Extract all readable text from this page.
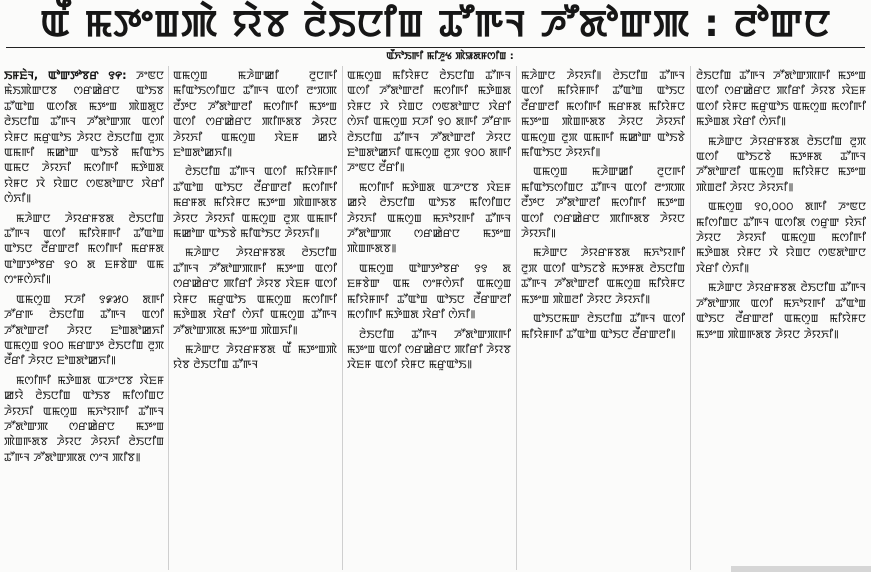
ꯑꯩ ꯃꯇꯦꯡꯄꯥ ꯌꯥꯕ ꯂꯥꯏꯅꯤꯡ ꯊꯧꯒꯜ ꯍꯧꯗꯣꯛꯄ : ꯂꯣꯛꯅ
ꯑꯩꯈꯣꯏꯒꯤ ꯃꯤꯍꯨꯠ ꯄꯥꯎꯗꯝꯁꯤꯡ :

ꯏꯝꯐꯥꯜ, ꯑꯣꯛꯇꯣꯕꯔ ꯱꯵: ꯍꯦꯟꯅ ꯃꯥꯏꯄꯥꯛꯅꯕ ꯁꯔꯀꯥꯔꯅ ꯑꯣꯏꯕ ꯊꯧꯑꯣꯡ ꯑꯁꯤꯗ ꯃꯇꯦꯡ ꯄꯥꯡꯗꯨꯅ ꯂꯥꯏꯅꯤꯡ ꯊꯧꯒꯜ ꯍꯧꯗꯣꯛꯄ ꯑꯁꯤ ꯌꯥꯝꯅ ꯃꯔꯨꯑꯣꯏ ꯍꯥꯌꯅ ꯂꯥꯏꯅꯤꯡ ꯂꯨꯞ ꯑꯃꯒꯤ ꯃꯀꯣꯛ ꯑꯣꯏꯕꯥ ꯃꯤꯑꯣꯏ ꯑꯃꯅ ꯍꯥꯌꯈꯤ ꯃꯁꯤꯒꯤ ꯃꯇꯥꯡꯗ ꯌꯥꯝꯅ ꯋꯥ ꯌꯥꯡꯅ ꯁꯟꯗꯣꯛꯅ ꯋꯥꯔꯤ ꯁꯥꯈꯤ꯫

ꯃꯍꯥꯛꯅ ꯍꯥꯌꯔꯝꯕꯗ ꯂꯥꯏꯅꯤꯡ ꯊꯧꯒꯜ ꯑꯁꯤ ꯃꯤꯌꯥꯝꯒꯤ ꯊꯧꯑꯣꯡ ꯑꯣꯏꯅ ꯂꯩꯔꯛꯂꯤ ꯃꯁꯤꯒꯤ ꯃꯔꯝꯗ ꯑꯣꯛꯇꯣꯕꯔ ꯱꯰ ꯗ ꯐꯝꯕꯥꯛ ꯑꯃ ꯁꯦꯝꯁꯥꯈꯤ꯫

ꯑꯃꯁꯨꯡ ꯆꯍꯤ ꯱꯹꯷꯰ ꯗꯒꯤ ꯍꯧꯔꯒ ꯂꯥꯏꯅꯤꯡ ꯊꯧꯒꯜ ꯑꯁꯤ ꯍꯧꯗꯣꯛꯂꯤ ꯍꯥꯌꯅ ꯐꯣꯡꯗꯣꯀꯈꯤ ꯑꯃꯁꯨꯡ ꯱꯰꯰ ꯃꯔꯛꯇ ꯂꯥꯏꯅꯤꯡ ꯂꯨꯞ ꯂꯩꯔꯤ ꯍꯥꯌꯅ ꯐꯣꯡꯗꯣꯀꯈꯤ꯫

ꯃꯁꯤꯒꯤ ꯃꯇꯥꯡꯗ ꯑꯍꯦꯅꯕ ꯋꯥꯐꯝ ꯀꯌꯥ ꯂꯥꯏꯅꯤꯡ ꯑꯣꯏꯕ ꯃꯤꯁꯤꯡꯅ ꯍꯥꯌꯈꯤ ꯑꯃꯁꯨꯡ ꯃꯈꯣꯌꯒꯤ ꯊꯧꯒꯜ ꯍꯧꯗꯣꯛꯄ ꯁꯔꯀꯥꯔꯅ ꯃꯇꯦꯡ ꯄꯥꯡꯒꯗꯕ ꯍꯥꯌꯅ ꯍꯥꯌꯈꯤ ꯂꯥꯏꯅꯤꯡ ꯊꯧꯒꯜ ꯍꯧꯗꯣꯛꯄꯗ ꯁꯦꯜ ꯄꯤꯕ꯫

ꯑꯃꯁꯨꯡ ꯃꯍꯥꯛꯀꯤ ꯂꯨꯅꯒꯤ ꯃꯤꯑꯣꯏꯁꯤꯡꯅ ꯊꯧꯒꯜ ꯑꯁꯤ ꯂꯦꯞꯄ ꯂꯩꯇꯅ ꯍꯧꯗꯣꯛꯂꯤ ꯃꯁꯤꯒꯤ ꯃꯇꯦꯡ ꯑꯁꯤ ꯁꯔꯀꯥꯔꯅ ꯄꯤꯒꯗꯕ ꯍꯥꯌꯅ ꯍꯥꯌꯈꯤ ꯑꯃꯁꯨꯡ ꯋꯥꯐꯝ ꯀꯌꯥ ꯐꯣꯡꯗꯣꯀꯈꯤ꯫

ꯂꯥꯏꯅꯤꯡ ꯊꯧꯒꯜ ꯑꯁꯤ ꯃꯤꯌꯥꯝꯒꯤ ꯊꯧꯑꯣꯡ ꯑꯣꯏꯅ ꯂꯩꯔꯛꯂꯤ ꯃꯁꯤꯒꯤ ꯃꯔꯝꯗ ꯃꯤꯌꯥꯝꯅ ꯃꯇꯦꯡ ꯄꯥꯡꯒꯗꯕ ꯍꯥꯌꯅ ꯍꯥꯌꯈꯤ ꯑꯃꯁꯨꯡ ꯂꯨꯞ ꯑꯃꯒꯤ ꯃꯀꯣꯛ ꯑꯣꯏꯕꯥ ꯃꯤꯑꯣꯏꯅ ꯍꯥꯌꯈꯤ꯫

ꯃꯍꯥꯛꯅ ꯍꯥꯌꯔꯝꯕꯗ ꯂꯥꯏꯅꯤꯡ ꯊꯧꯒꯜ ꯍꯧꯗꯣꯛꯄꯒꯤ ꯃꯇꯦꯡ ꯑꯁꯤ ꯁꯔꯀꯥꯔꯅ ꯄꯤꯔꯤ ꯍꯥꯌꯕ ꯋꯥꯐꯝ ꯑꯁꯤ ꯌꯥꯝꯅ ꯃꯔꯨꯑꯣꯏ ꯑꯃꯁꯨꯡ ꯃꯁꯤꯒꯤ ꯃꯇꯥꯡꯗ ꯋꯥꯔꯤ ꯁꯥꯈꯤ ꯑꯃꯁꯨꯡ ꯊꯧꯒꯜ ꯍꯧꯗꯣꯛꯄꯗ ꯃꯇꯦꯡ ꯄꯥꯡꯈꯤ꯫

ꯃꯍꯥꯛꯅ ꯍꯥꯌꯔꯝꯕꯗ ꯑꯩ ꯃꯇꯦꯡꯄꯥ ꯌꯥꯕ ꯂꯥꯏꯅꯤꯡ ꯊꯧꯒꯜ

ꯑꯃꯁꯨꯡ ꯃꯤꯌꯥꯝꯅ ꯂꯥꯏꯅꯤꯡ ꯊꯧꯒꯜ ꯑꯁꯤ ꯍꯧꯗꯣꯛꯂꯤ ꯃꯁꯤꯒꯤ ꯃꯇꯥꯡꯗ ꯌꯥꯝꯅ ꯋꯥ ꯌꯥꯡꯅ ꯁꯟꯗꯣꯛꯅ ꯋꯥꯔꯤ ꯁꯥꯈꯤ ꯑꯃꯁꯨꯡ ꯆꯍꯤ ꯱꯰ ꯗꯒꯤ ꯍꯧꯔꯒ ꯂꯥꯏꯅꯤꯡ ꯊꯧꯒꯜ ꯍꯧꯗꯣꯛꯂꯤ ꯍꯥꯌꯅ ꯐꯣꯡꯗꯣꯀꯈꯤ ꯑꯃꯁꯨꯡ ꯂꯨꯞ ꯱꯰꯰ ꯗꯒꯤ ꯍꯦꯟꯅ ꯂꯩꯔꯤ꯫

ꯃꯁꯤꯒꯤ ꯃꯇꯥꯡꯗ ꯑꯍꯦꯅꯕ ꯋꯥꯐꯝ ꯀꯌꯥ ꯂꯥꯏꯅꯤꯡ ꯑꯣꯏꯕ ꯃꯤꯁꯤꯡꯅ ꯍꯥꯌꯈꯤ ꯑꯃꯁꯨꯡ ꯃꯈꯣꯌꯒꯤ ꯊꯧꯒꯜ ꯍꯧꯗꯣꯛꯄ ꯁꯔꯀꯥꯔꯅ ꯃꯇꯦꯡ ꯄꯥꯡꯒꯗꯕ꯫

ꯑꯃꯁꯨꯡ ꯑꯣꯛꯇꯣꯕꯔ ꯱꯱ ꯗ ꯐꯝꯕꯥꯛ ꯑꯃ ꯁꯦꯝꯁꯥꯈꯤ ꯑꯃꯁꯨꯡ ꯃꯤꯌꯥꯝꯒꯤ ꯊꯧꯑꯣꯡ ꯑꯣꯏꯅ ꯂꯩꯔꯛꯂꯤ ꯃꯁꯤꯒꯤ ꯃꯇꯥꯡꯗ ꯋꯥꯔꯤ ꯁꯥꯈꯤ꯫

ꯂꯥꯏꯅꯤꯡ ꯊꯧꯒꯜ ꯍꯧꯗꯣꯛꯄꯒꯤ ꯃꯇꯦꯡ ꯑꯁꯤ ꯁꯔꯀꯥꯔꯅ ꯄꯤꯔꯤ ꯍꯥꯌꯕ ꯋꯥꯐꯝ ꯑꯁꯤ ꯌꯥꯝꯅ ꯃꯔꯨꯑꯣꯏ꯫

ꯃꯍꯥꯛꯅ ꯍꯥꯌꯈꯤ꯫ ꯂꯥꯏꯅꯤꯡ ꯊꯧꯒꯜ ꯑꯁꯤ ꯃꯤꯌꯥꯝꯒꯤ ꯊꯧꯑꯣꯡ ꯑꯣꯏꯅ ꯂꯩꯔꯛꯂꯤ ꯃꯁꯤꯒꯤ ꯃꯔꯝꯗ ꯃꯤꯌꯥꯝꯅ ꯃꯇꯦꯡ ꯄꯥꯡꯒꯗꯕ ꯍꯥꯌꯅ ꯍꯥꯌꯈꯤ ꯑꯃꯁꯨꯡ ꯂꯨꯞ ꯑꯃꯒꯤ ꯃꯀꯣꯛ ꯑꯣꯏꯕꯥ ꯃꯤꯑꯣꯏꯅ ꯍꯥꯌꯈꯤ꯫

ꯑꯃꯁꯨꯡ ꯃꯍꯥꯛꯀꯤ ꯂꯨꯅꯒꯤ ꯃꯤꯑꯣꯏꯁꯤꯡꯅ ꯊꯧꯒꯜ ꯑꯁꯤ ꯂꯦꯞꯄ ꯂꯩꯇꯅ ꯍꯧꯗꯣꯛꯂꯤ ꯃꯁꯤꯒꯤ ꯃꯇꯦꯡ ꯑꯁꯤ ꯁꯔꯀꯥꯔꯅ ꯄꯤꯒꯗꯕ ꯍꯥꯌꯅ ꯍꯥꯌꯈꯤ꯫

ꯃꯍꯥꯛꯅ ꯍꯥꯌꯔꯝꯕꯗ ꯃꯈꯣꯌꯒꯤ ꯂꯨꯞ ꯑꯁꯤ ꯑꯣꯏꯖꯕꯥ ꯃꯇꯝꯗ ꯂꯥꯏꯅꯤꯡ ꯊꯧꯒꯜ ꯍꯧꯗꯣꯛꯂꯤ ꯑꯃꯁꯨꯡ ꯃꯤꯌꯥꯝꯅ ꯃꯇꯦꯡ ꯄꯥꯡꯂꯤ ꯍꯥꯌꯅ ꯍꯥꯌꯈꯤ꯫

ꯑꯣꯏꯅꯃꯛ ꯂꯥꯏꯅꯤꯡ ꯊꯧꯒꯜ ꯑꯁꯤ ꯃꯤꯌꯥꯝꯒꯤ ꯊꯧꯑꯣꯡ ꯑꯣꯏꯅ ꯂꯩꯔꯛꯂꯤ꯫

ꯂꯥꯏꯅꯤꯡ ꯊꯧꯒꯜ ꯍꯧꯗꯣꯛꯄꯒꯤ ꯃꯇꯦꯡ ꯑꯁꯤ ꯁꯔꯀꯥꯔꯅ ꯄꯤꯔꯤ ꯍꯥꯌꯕ ꯋꯥꯐꯝ ꯑꯁꯤ ꯌꯥꯝꯅ ꯃꯔꯨꯑꯣꯏ ꯑꯃꯁꯨꯡ ꯃꯁꯤꯒꯤ ꯃꯇꯥꯡꯗ ꯋꯥꯔꯤ ꯁꯥꯈꯤ꯫

ꯃꯍꯥꯛꯅ ꯍꯥꯌꯔꯝꯕꯗ ꯂꯥꯏꯅꯤꯡ ꯂꯨꯞ ꯑꯁꯤ ꯑꯣꯏꯖꯕꯥ ꯃꯇꯝꯗ ꯊꯧꯒꯜ ꯍꯧꯗꯣꯛꯂꯤ ꯑꯃꯁꯨꯡ ꯃꯤꯌꯥꯝꯅ ꯃꯇꯦꯡ ꯄꯥꯡꯂꯤ ꯍꯥꯌꯅ ꯍꯥꯌꯈꯤ꯫

ꯑꯃꯁꯨꯡ ꯱꯰,꯰꯰꯰ ꯗꯒꯤ ꯍꯦꯟꯅ ꯃꯤꯁꯤꯡꯅ ꯊꯧꯒꯜ ꯑꯁꯤꯗ ꯁꯔꯨꯛ ꯌꯥꯈꯤ ꯍꯥꯌꯅ ꯍꯥꯌꯈꯤ ꯑꯃꯁꯨꯡ ꯃꯁꯤꯒꯤ ꯃꯇꯥꯡꯗ ꯌꯥꯝꯅ ꯋꯥ ꯌꯥꯡꯅ ꯁꯟꯗꯣꯛꯅ ꯋꯥꯔꯤ ꯁꯥꯈꯤ꯫

ꯃꯍꯥꯛꯅ ꯍꯥꯌꯔꯝꯕꯗ ꯂꯥꯏꯅꯤꯡ ꯊꯧꯒꯜ ꯍꯧꯗꯣꯛꯄ ꯑꯁꯤ ꯃꯈꯣꯌꯒꯤ ꯊꯧꯑꯣꯡ ꯑꯣꯏꯅ ꯂꯩꯔꯛꯂꯤ ꯑꯃꯁꯨꯡ ꯃꯤꯌꯥꯝꯅ ꯃꯇꯦꯡ ꯄꯥꯡꯒꯗꯕ ꯍꯥꯌꯅ ꯍꯥꯌꯈꯤ꯫
